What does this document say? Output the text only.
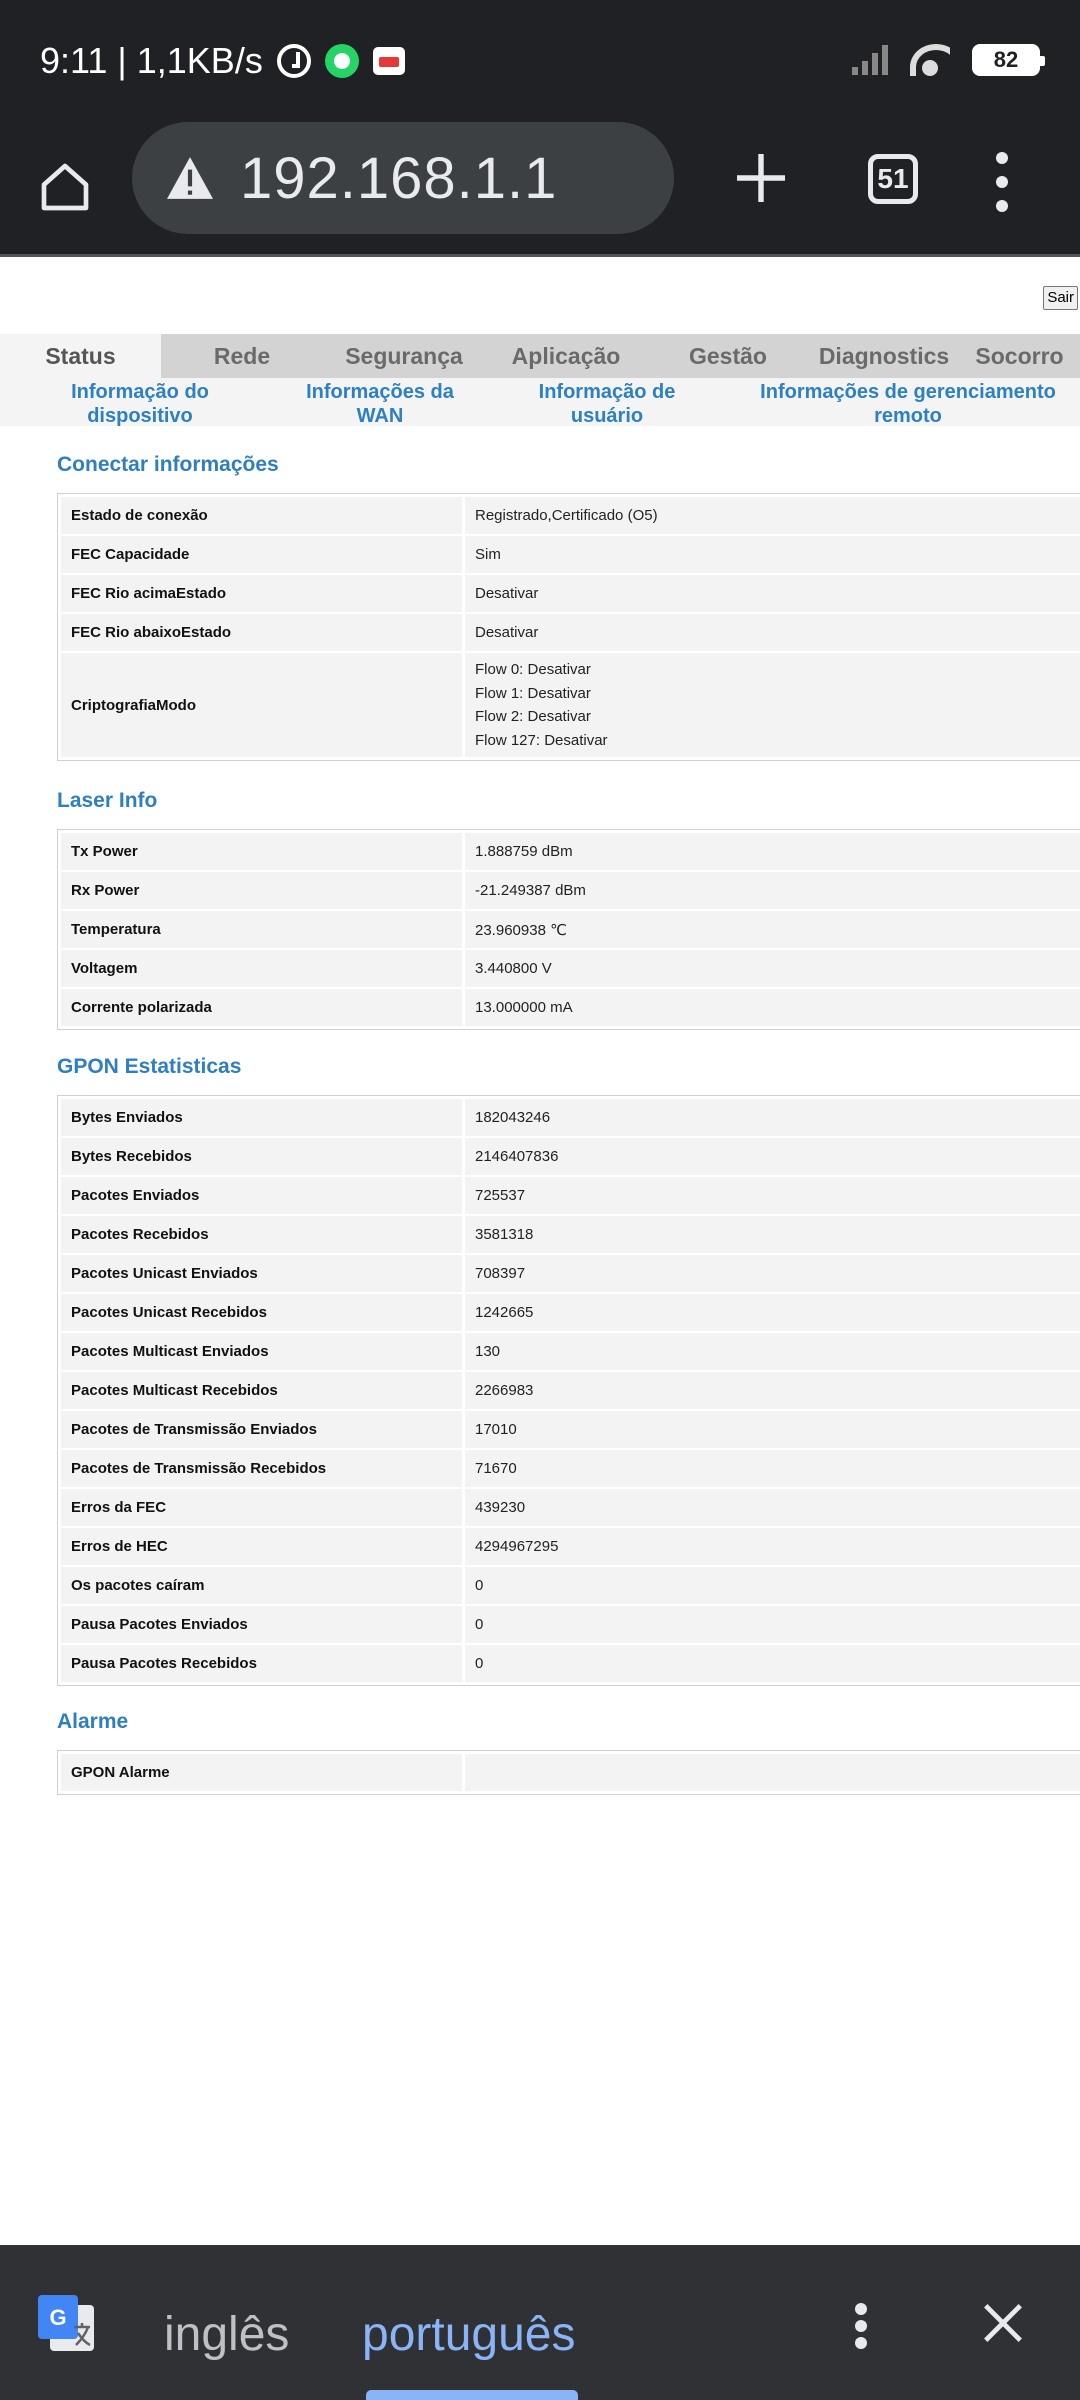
9:11 | 1,1KB/s	82
192.168.1.1	51
Sair
Status	Rede	Segurança	Aplicação	Gestão	Diagnostics	Socorro
Informação do
dispositivo
Informações da
WAN
Informação de
usuário
Informações de gerenciamento
remoto
Conectar informações
Estado de conexão	Registrado,Certificado (O5)
FEC Capacidade	Sim
FEC Rio acimaEstado	Desativar
FEC Rio abaixoEstado	Desativar
CriptografiaModo
Flow 0: Desativar
Flow 1: Desativar
Flow 2: Desativar
Flow 127: Desativar
Laser Info
Tx Power	1.888759 dBm
Rx Power	-21.249387 dBm
Temperatura	23.960938 ℃
Voltagem	3.440800 V
Corrente polarizada	13.000000 mA
GPON Estatisticas
Bytes Enviados	182043246
Bytes Recebidos	2146407836
Pacotes Enviados	725537
Pacotes Recebidos	3581318
Pacotes Unicast Enviados	708397
Pacotes Unicast Recebidos	1242665
Pacotes Multicast Enviados	130
Pacotes Multicast Recebidos	2266983
Pacotes de Transmissão Enviados	17010
Pacotes de Transmissão Recebidos	71670
Erros da FEC	439230
Erros de HEC	4294967295
Os pacotes caíram	0
Pausa Pacotes Enviados	0
Pausa Pacotes Recebidos	0
Alarme
GPON Alarme
G inglês português
